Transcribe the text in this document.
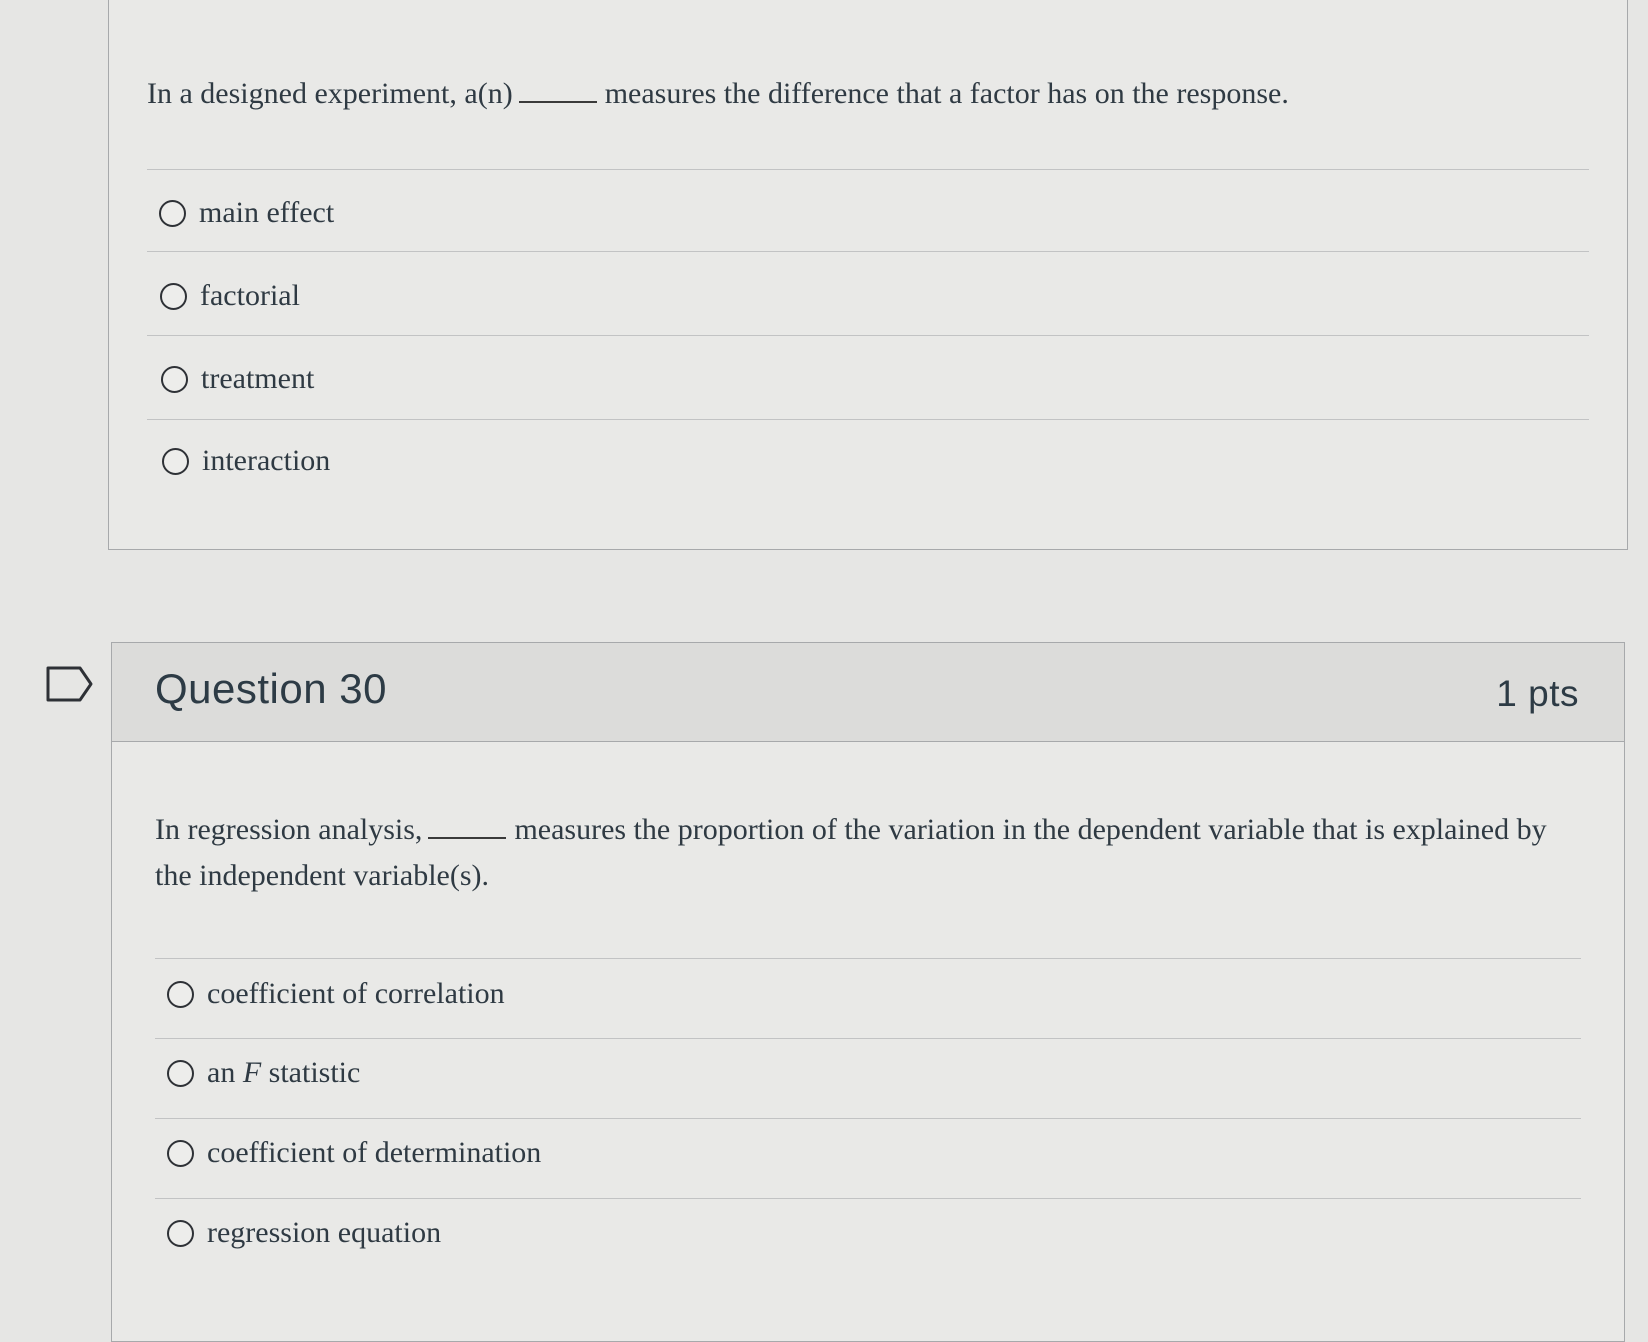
In a designed experiment, a(n)	measures the difference that a factor has on the response.
main effect
factorial
treatment
interaction
Question 30	1 pts
In regression analysis,	measures the proportion of the variation in the dependent variable that is explained by the independent variable(s).
coefficient of correlation
an F statistic
coefficient of determination
regression equation
